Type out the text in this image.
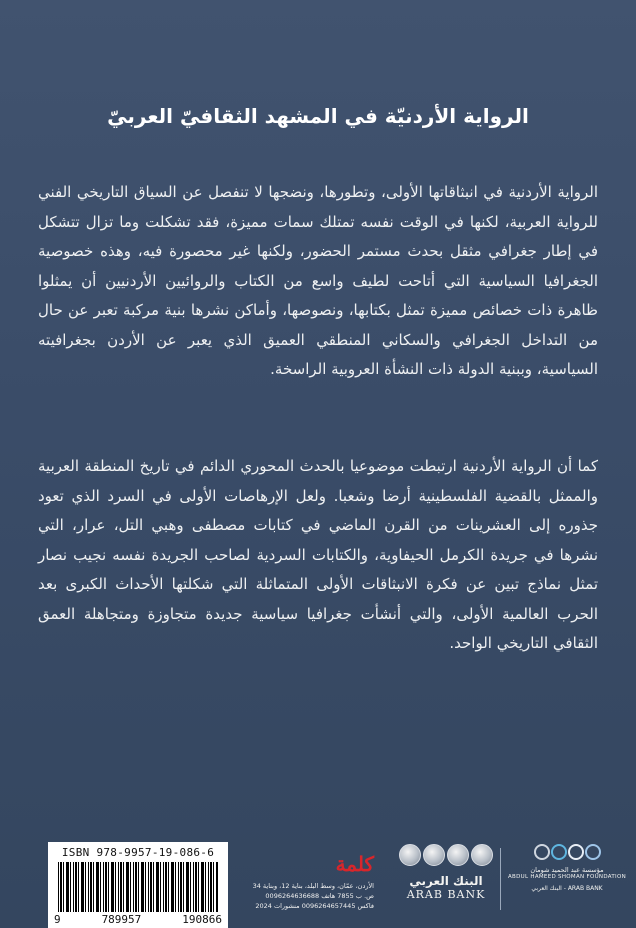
الرواية الأردنيّة في المشهد الثقافيّ العربيّ
الرواية الأردنية في انبثاقاتها الأولى، وتطورها، ونضجها لا تنفصل عن السياق التاريخي الفني للرواية العربية، لكنها في الوقت نفسه تمتلك سمات مميزة، فقد تشكلت وما تزال تتشكل في إطار جغرافي مثقل بحدث مستمر الحضور، ولكنها غير محصورة فيه، وهذه خصوصية الجغرافيا السياسية التي أتاحت لطيف واسع من الكتاب والروائيين الأردنيين أن يمثلوا ظاهرة ذات خصائص مميزة تمثل بكتابها، ونصوصها، وأماكن نشرها بنية مركبة تعبر عن حال من التداخل الجغرافي والسكاني المنطقي العميق الذي يعبر عن الأردن بجغرافيته السياسية، وببنية الدولة ذات النشأة العروبية الراسخة.
كما أن الرواية الأردنية ارتبطت موضوعيا بالحدث المحوري الدائم في تاريخ المنطقة العربية والممثل بالقضية الفلسطينية أرضا وشعبا. ولعل الإرهاصات الأولى في السرد الذي تعود جذوره إلى العشرينات من القرن الماضي في كتابات مصطفى وهبي التل، عرار، التي نشرها في جريدة الكرمل الحيفاوية، والكتابات السردية لصاحب الجريدة نفسه نجيب نصار تمثل نماذج تبين عن فكرة الانبثاقات الأولى المتماثلة التي شكلتها الأحداث الكبرى بعد الحرب العالمية الأولى، والتي أنشأت جغرافيا سياسية جديدة متجاوزة ومتجاهلة العمق الثقافي التاريخي الواحد.
ISBN 978-9957-19-086-6
9	789957	190866
كلمة
الأردن، عمّان، وسط البلد، بناية 12، وبناية 34
ص. ب 7855 هاتف 0096264636688
فاكس 0096264657445 منشورات 2024
البنك العربي
ARAB BANK
مؤسسة عبد الحميد شومان
ABDUL HAMEED SHOMAN FOUNDATION
ARAB BANK - البنك العربي
